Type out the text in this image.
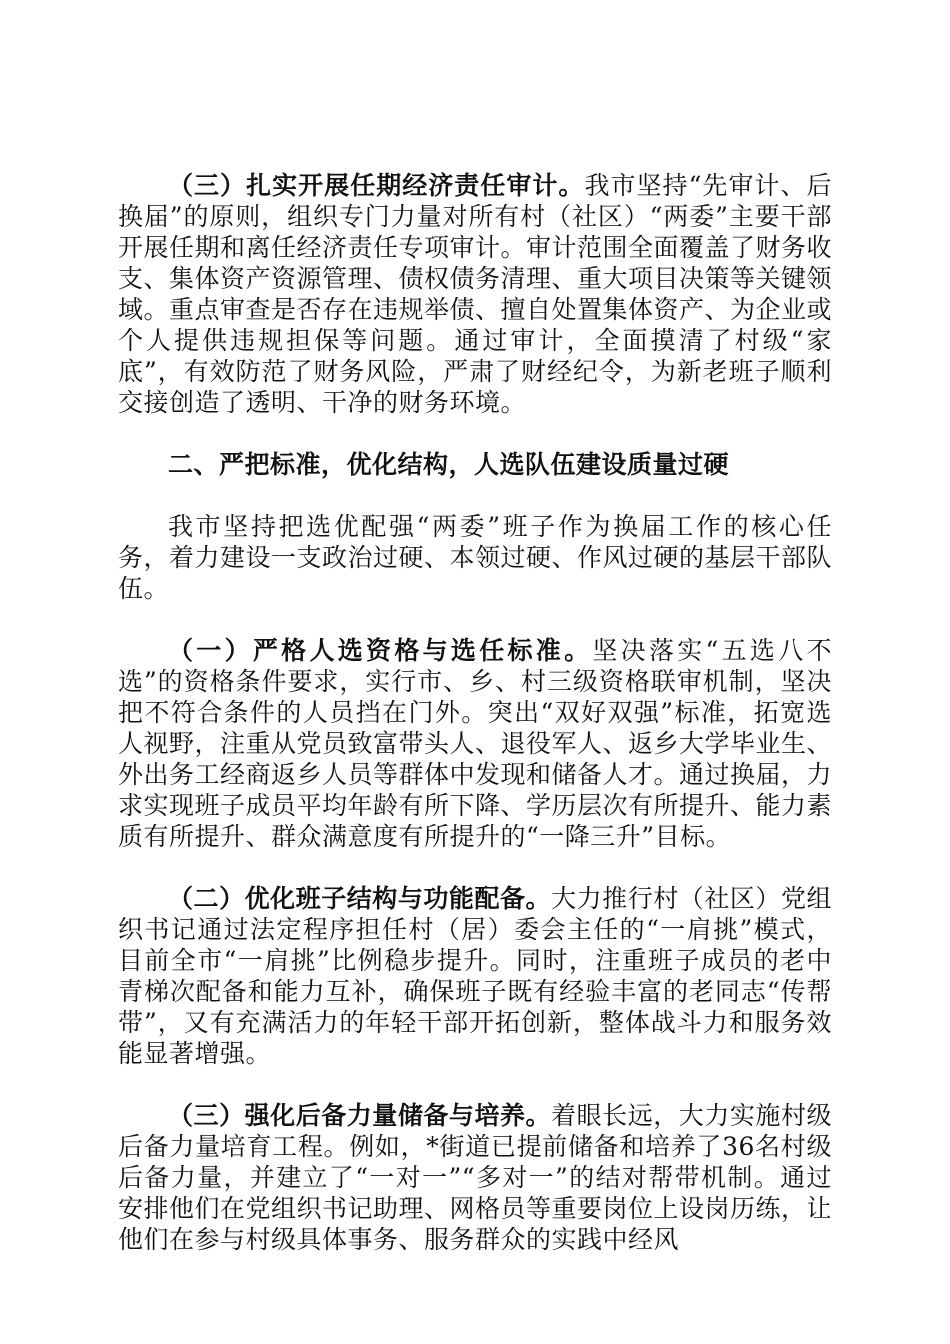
（三）扎实开展任期经济责任审计。我市坚持“先审计、后换届”的原则，组织专门力量对所有村（社区）“两委”主要干部开展任期和离任经济责任专项审计。审计范围全面覆盖了财务收支、集体资产资源管理、债权债务清理、重大项目决策等关键领域。重点审查是否存在违规举债、擅自处置集体资产、为企业或个人提供违规担保等问题。通过审计，全面摸清了村级“家底”，有效防范了财务风险，严肃了财经纪令，为新老班子顺利交接创造了透明、干净的财务环境。

二、严把标准，优化结构，人选队伍建设质量过硬

我市坚持把选优配强“两委”班子作为换届工作的核心任务，着力建设一支政治过硬、本领过硬、作风过硬的基层干部队伍。

（一）严格人选资格与选任标准。坚决落实“五选八不选”的资格条件要求，实行市、乡、村三级资格联审机制，坚决把不符合条件的人员挡在门外。突出“双好双强”标准，拓宽选人视野，注重从党员致富带头人、退役军人、返乡大学毕业生、外出务工经商返乡人员等群体中发现和储备人才。通过换届，力求实现班子成员平均年龄有所下降、学历层次有所提升、能力素质有所提升、群众满意度有所提升的“一降三升”目标。

（二）优化班子结构与功能配备。大力推行村（社区）党组织书记通过法定程序担任村（居）委会主任的“一肩挑”模式，目前全市“一肩挑”比例稳步提升。同时，注重班子成员的老中青梯次配备和能力互补，确保班子既有经验丰富的老同志“传帮带”，又有充满活力的年轻干部开拓创新，整体战斗力和服务效能显著增强。

（三）强化后备力量储备与培养。着眼长远，大力实施村级后备力量培育工程。例如，*街道已提前储备和培养了36名村级后备力量，并建立了“一对一”“多对一”的结对帮带机制。通过安排他们在党组织书记助理、网格员等重要岗位上设岗历练，让他们在参与村级具体事务、服务群众的实践中经风
